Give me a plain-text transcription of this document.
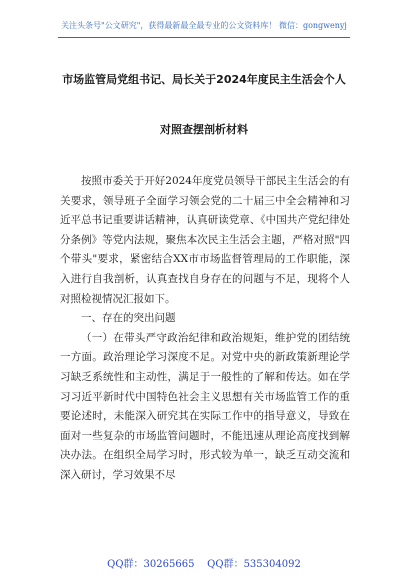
关注头条号"公文研究"，获得最新最全最专业的公文资料库！ 微信：gongwenyj
市场监管局党组书记、局长关于2024年度民主生活会个人
对照查摆剖析材料

按照市委关于开好2024年度党员领导干部民主生活会的有关要求，领导班子全面学习领会党的二十届三中全会精神和习近平总书记重要讲话精神，认真研读党章、《中国共产党纪律处分条例》等党内法规，聚焦本次民主生活会主题，严格对照"四个带头"要求，紧密结合XX市市场监督管理局的工作职能，深入进行自我剖析，认真查找自身存在的问题与不足，现将个人对照检视情况汇报如下。

一、存在的突出问题

（一）在带头严守政治纪律和政治规矩，维护党的团结统一方面。政治理论学习深度不足。对党中央的新政策新理论学习缺乏系统性和主动性，满足于一般性的了解和传达。如在学习习近平新时代中国特色社会主义思想有关市场监管工作的重要论述时，未能深入研究其在实际工作中的指导意义，导致在面对一些复杂的市场监管问题时，不能迅速从理论高度找到解决办法。在组织全局学习时，形式较为单一，缺乏互动交流和深入研讨，学习效果不尽

QQ群：30265665 QQ群：535304092
